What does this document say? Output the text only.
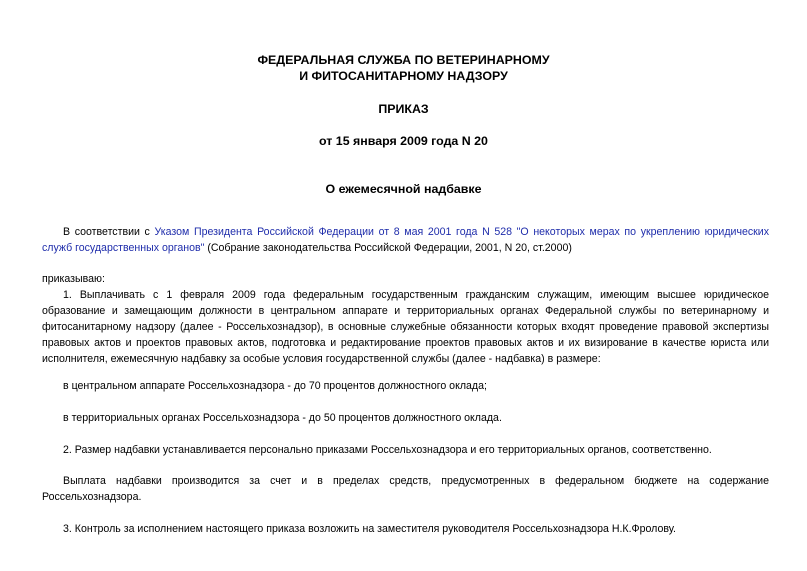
ФЕДЕРАЛЬНАЯ СЛУЖБА ПО ВЕТЕРИНАРНОМУ
И ФИТОСАНИТАРНОМУ НАДЗОРУ
ПРИКАЗ
от 15 января 2009 года N 20
О ежемесячной надбавке
В соответствии с Указом Президента Российской Федерации от 8 мая 2001 года N 528 "О некоторых мерах по укреплению юридических служб государственных органов" (Собрание законодательства Российской Федерации, 2001, N 20, ст.2000)
приказываю:
1. Выплачивать с 1 февраля 2009 года федеральным государственным гражданским служащим, имеющим высшее юридическое образование и замещающим должности в центральном аппарате и территориальных органах Федеральной службы по ветеринарному и фитосанитарному надзору (далее - Россельхознадзор), в основные служебные обязанности которых входят проведение правовой экспертизы правовых актов и проектов правовых актов, подготовка и редактирование проектов правовых актов и их визирование в качестве юриста или исполнителя, ежемесячную надбавку за особые условия государственной службы (далее - надбавка) в размере:
в центральном аппарате Россельхознадзора - до 70 процентов должностного оклада;
в территориальных органах Россельхознадзора - до 50 процентов должностного оклада.
2. Размер надбавки устанавливается персонально приказами Россельхознадзора и его территориальных органов, соответственно.
Выплата надбавки производится за счет и в пределах средств, предусмотренных в федеральном бюджете на содержание Россельхознадзора.
3. Контроль за исполнением настоящего приказа возложить на заместителя руководителя Россельхознадзора Н.К.Фролову.
